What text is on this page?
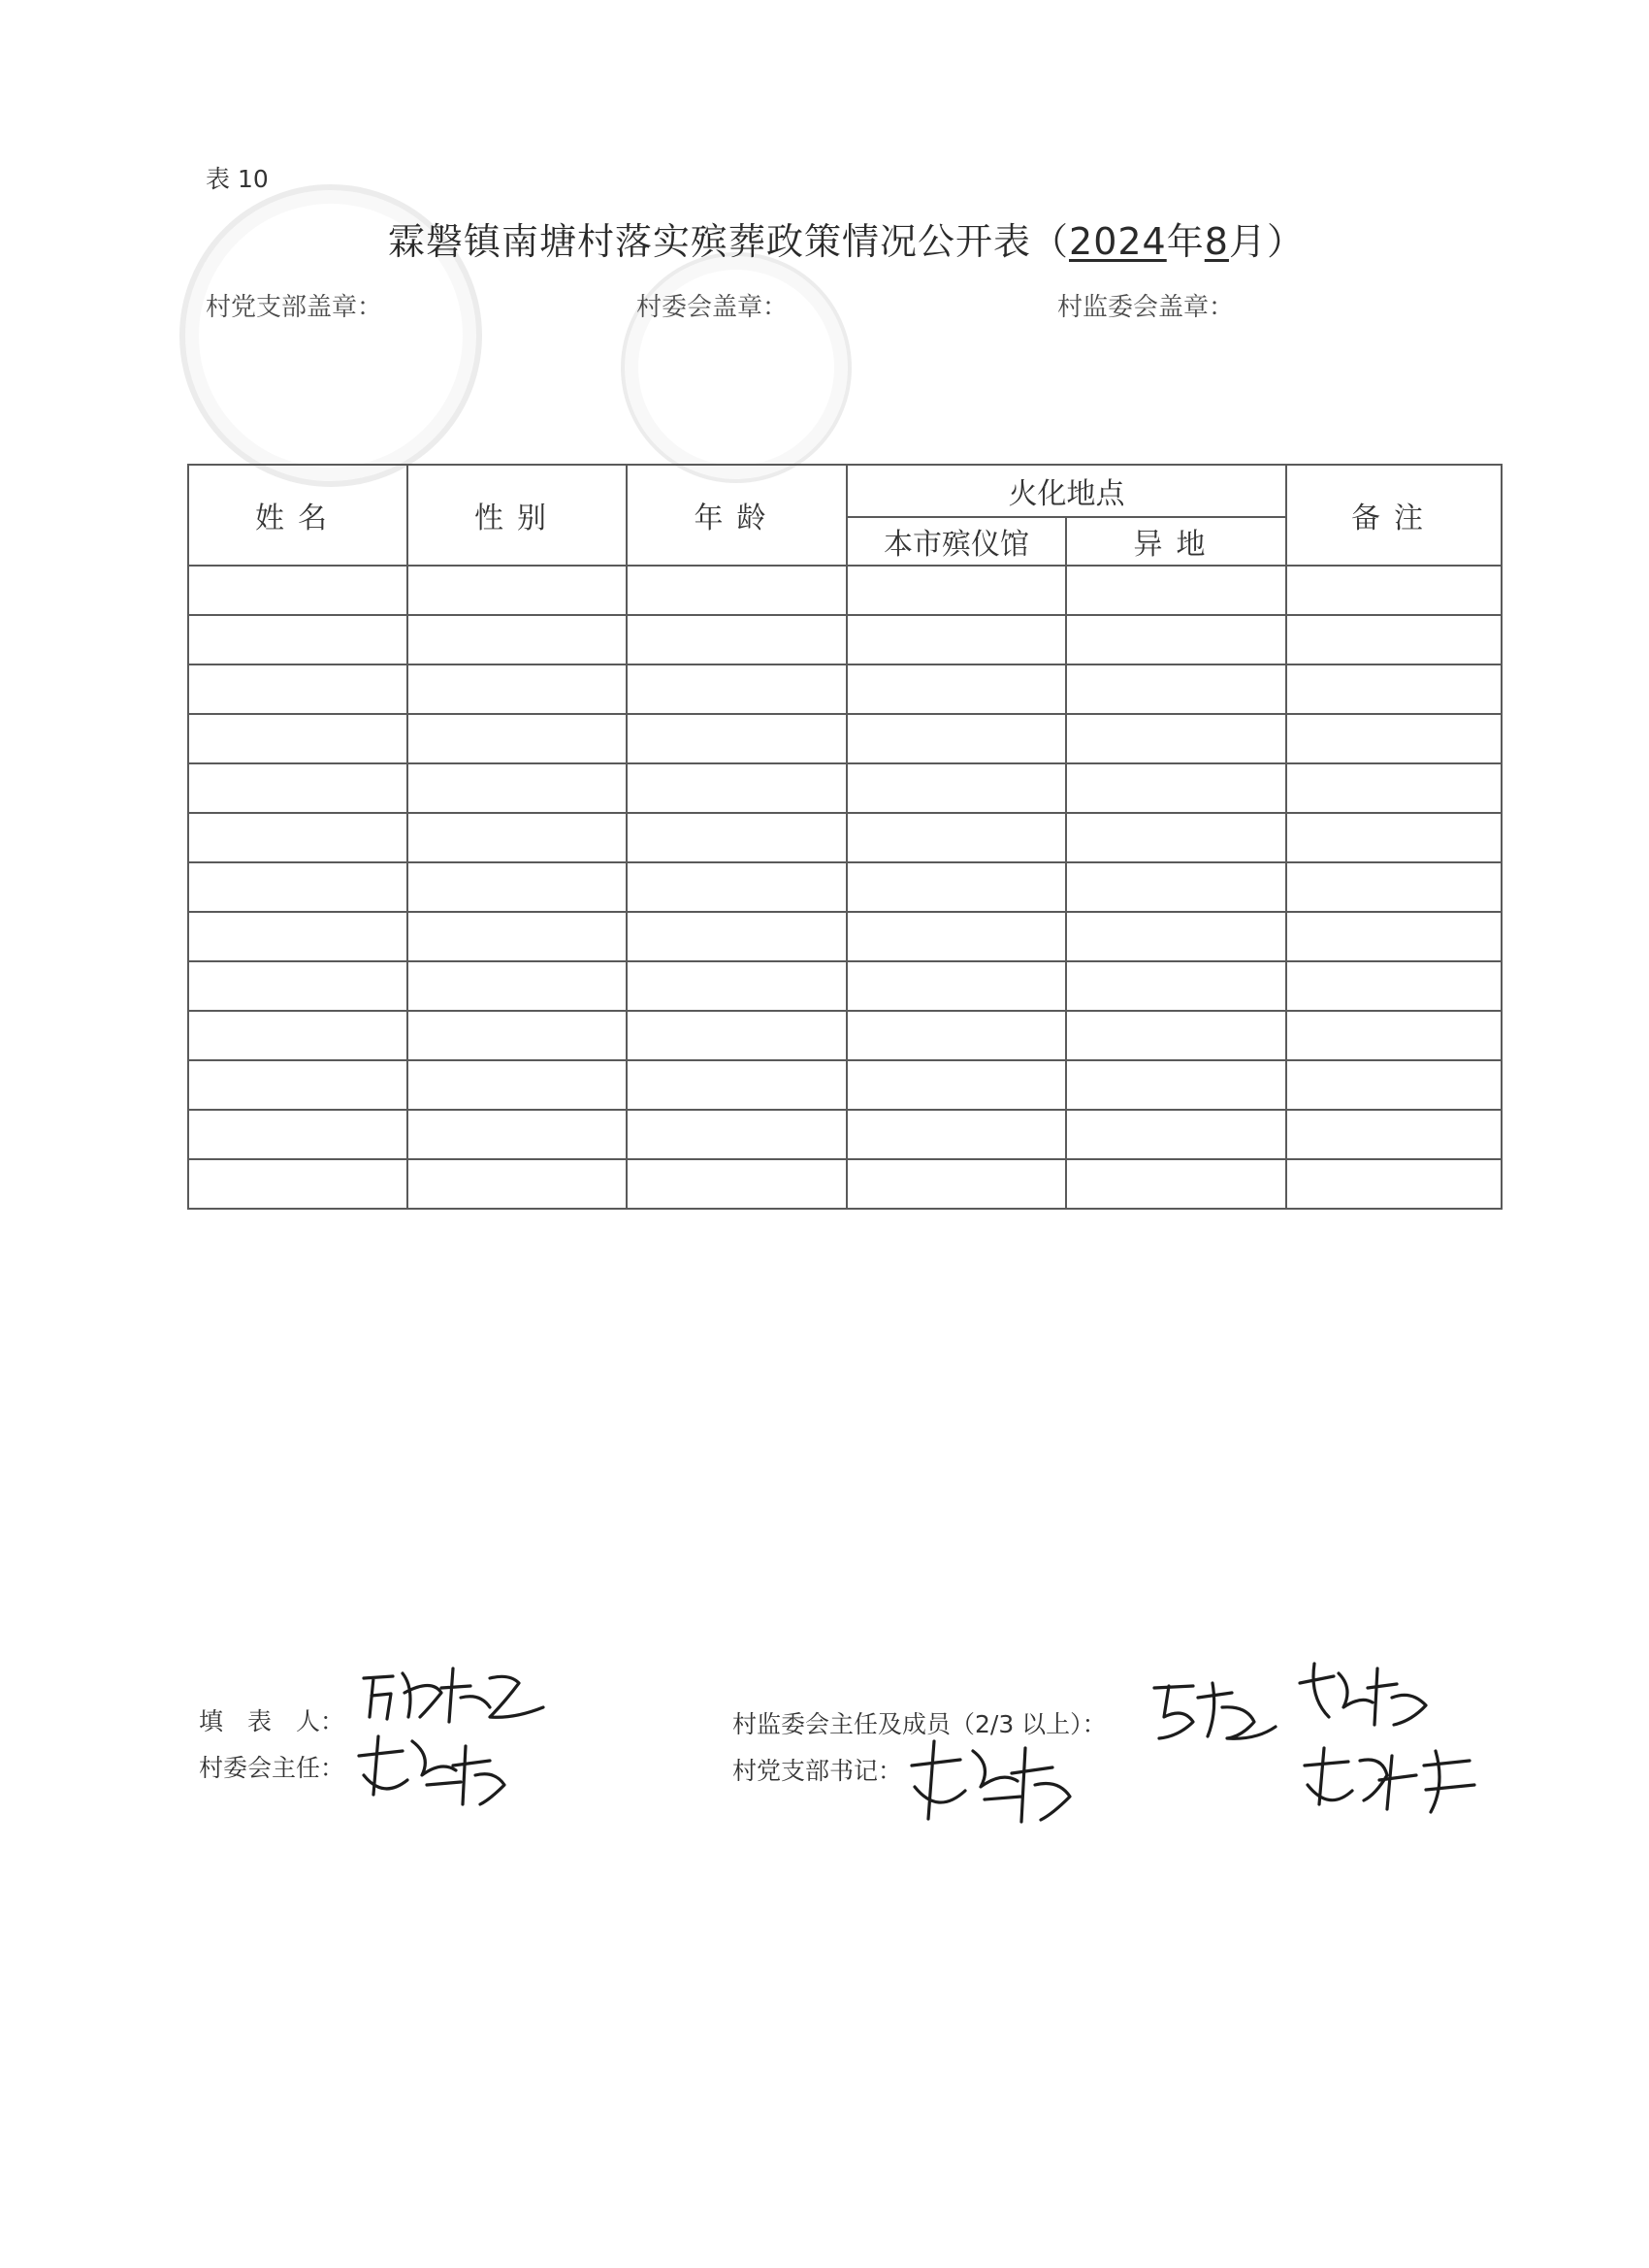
表 10
霖磐镇南塘村落实殡葬政策情况公开表（2024年8月）
村党支部盖章：	村委会盖章：	村监委会盖章：
姓名	性别	年龄	火化地点		备注
			本市殡仪馆	异地	

填　表　人：
村委会主任：
村监委会主任及成员（2/3 以上）：
村党支部书记：
